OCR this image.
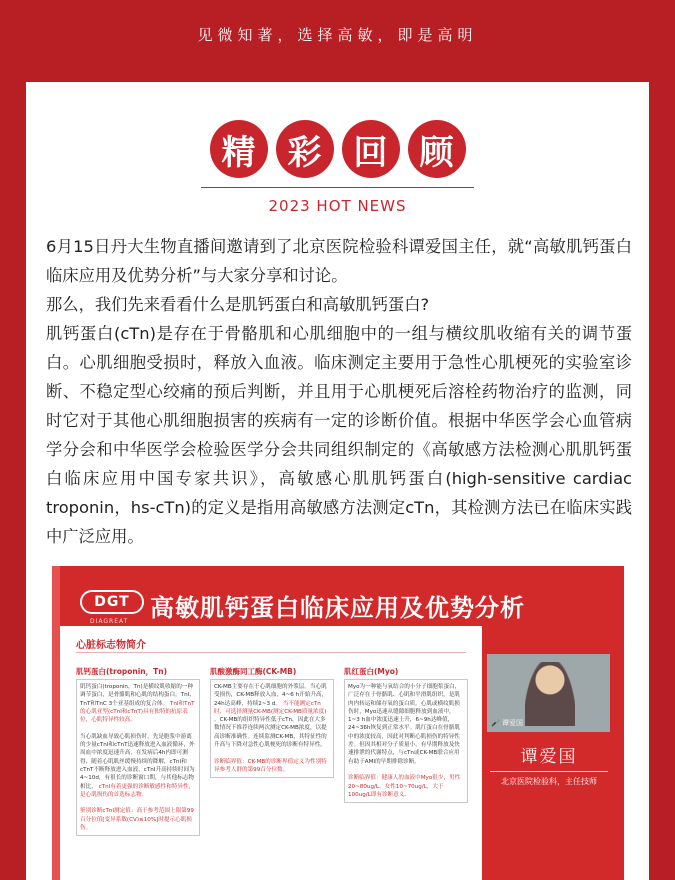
见微知著，选择高敏，即是高明
精 彩 回 顾
2023 HOT NEWS

6月15日丹大生物直播间邀请到了北京医院检验科谭爱国主任，就“高敏肌钙蛋白临床应用及优势分析”与大家分享和讨论。

那么，我们先来看看什么是肌钙蛋白和高敏肌钙蛋白?

肌钙蛋白(cTn)是存在于骨骼肌和心肌细胞中的一组与横纹肌收缩有关的调节蛋白。心肌细胞受损时，释放入血液。临床测定主要用于急性心肌梗死的实验室诊断、不稳定型心绞痛的预后判断，并且用于心肌梗死后溶栓药物治疗的监测，同时它对于其他心肌细胞损害的疾病有一定的诊断价值。根据中华医学会心血管病学分会和中华医学会检验医学分会共同组织制定的《高敏感方法检测心肌肌钙蛋白临床应用中国专家共识》，高敏感心肌肌钙蛋白(high-sensitive cardiac troponin，hs-cTn)的定义是指用高敏感方法测定cTn，其检测方法已在临床实践中广泛应用。

DGT
DIAGREAT 高敏肌钙蛋白临床应用及优势分析
心脏标志物简介
肌钙蛋白(troponin，Tn)
肌钙蛋白(troponin，Tn)是横纹肌收缩的一种调节蛋白，是骨骼肌和心肌的结构蛋白。TnI、TnT和TnC 3个亚基组成的复合体。 TnI和TnT的心肌亚型(cTnI和cTnT)具有独特的抗原表位，心肌特异性较高。

当心肌缺血导致心肌损伤时，先是胞浆中游离的少量cTnI和cTnT迅速释放进入血液循环，外周血中浓度迅速升高，在发病后4h内即可测得，随着心肌肌丝缓慢持续的降解，cTnI和cTnT不断释放进入血液，cTnI升高持续时间为4~10d，有很长的诊断窗口期，与其他标志物相比， cTnI有着更强的诊断敏感性和特异性，是心肌损伤的首选标志物。

鉴别诊断cTnI测定值：高于参考范围上限第99百分位值[变异系数(CV)≤10%]时提示心肌损伤。
肌酸激酶同工酶(CK-MB)
CK-MB主要存在于心肌细胞的外浆层。当心肌受损伤，CK-MB释放入血，4~6 h开始升高，24h达高峰，持续2~3 d。 当不能测定cTn时，可选择测量CK-MB(测定CK-MB质量浓度) 。CK-MB的组织特异性低于cTn，因此在大多数情况下推荐连续两次测定CK-MB浓度，以提高诊断准确性。连续监测CK-MB，其特征性的升高与下降对急性心肌梗死的诊断有特异性。

诊断临界值：CK-MB的诊断界值定义为性别特异参考人群的第99百分位数。
肌红蛋白(Myo)
Myo为一种能与氧结合的小分子细胞浆蛋白，广泛存在于骨骼肌、心肌和平滑肌组织，是肌肉内转运和储存氧的蛋白质。心肌或横纹肌损伤时，Myo迅速从缝隙细胞释放到血液中，1~3 h血中浓度迅速上升，6~9h达峰值，24~36h恢复到正常水平。肌红蛋白在骨骼肌中的浓度较高，因此对判断心肌损伤的特异性差。但因其相对分子质量小，有早期释放及快速排泄的代谢特点，与cTn或CK-MB联合应用有助于AMI的早期排除诊断。

诊断临界值：健康人的血液中Myo很少，男性20~80ug/L，女性10~70ug/L，大于100ug/L即有诊断意义。
🎤 谭爱国
谭爱国
北京医院检验科，主任技师
